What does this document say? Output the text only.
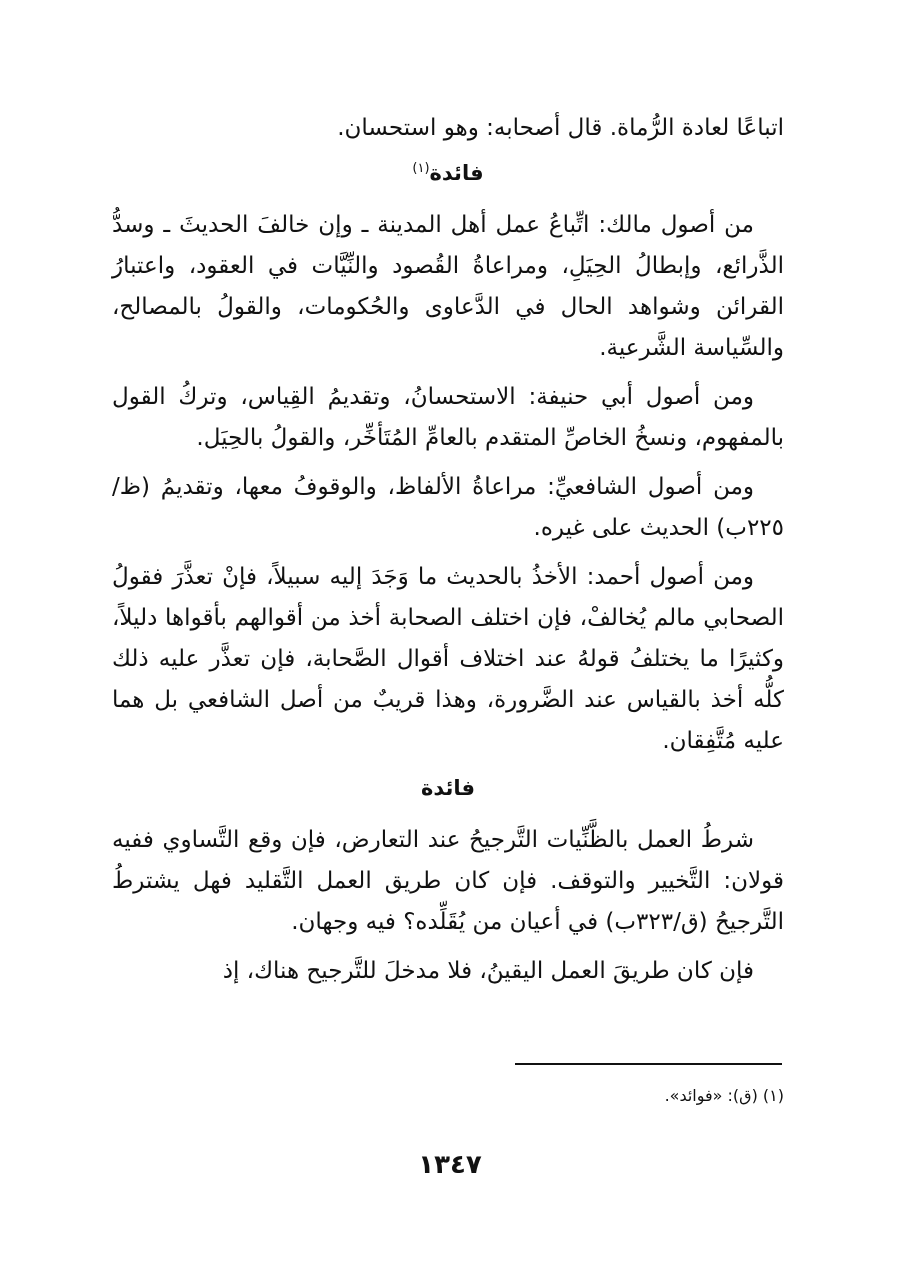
اتباعًا لعادة الرُّماة. قال أصحابه: وهو استحسان.

فائدة$^{(١)}$

من أصول مالك: اتِّباعُ عمل أهل المدينة ـ وإن خالفَ الحديثَ ـ وسدُّ الذَّرائع، وإبطالُ الحِيَلِ، ومراعاةُ القُصود والنِّيَّات في العقود، واعتبارُ القرائن وشواهد الحال في الدَّعاوى والحُكومات، والقولُ بالمصالح، والسِّياسة الشَّرعية.

ومن أصول أبي حنيفة: الاستحسانُ، وتقديمُ القِياس، وتركُ القول بالمفهوم، ونسخُ الخاصِّ المتقدم بالعامِّ المُتَأخِّر، والقولُ بالحِيَل.

ومن أصول الشافعيِّ: مراعاةُ الألفاظ، والوقوفُ معها، وتقديمُ (ظ/٢٢٥ب) الحديث على غيره.

ومن أصول أحمد: الأخذُ بالحديث ما وَجَدَ إليه سبيلاً، فإنْ تعذَّرَ فقولُ الصحابي مالم يُخالفْ، فإن اختلف الصحابة أخذ من أقوالهم بأقواها دليلاً، وكثيرًا ما يختلفُ قولهُ عند اختلاف أقوال الصَّحابة، فإن تعذَّر عليه ذلك كلُّه أخذ بالقياس عند الضَّرورة، وهذا قريبٌ من أصل الشافعي بل هما عليه مُتَّفِقان.

فائدة

شرطُ العمل بالظَّنِّيات التَّرجيحُ عند التعارض، فإن وقع التَّساوي ففيه قولان: التَّخيير والتوقف. فإن كان طريق العمل التَّقليد فهل يشترطُ التَّرجيحُ (ق/٣٢٣ب) في أعيان من يُقَلِّده؟ فيه وجهان.

فإن كان طريقَ العمل اليقينُ، فلا مدخلَ للتَّرجيح هناك، إذ

(١) (ق): «فوائد».
١٣٤٧
